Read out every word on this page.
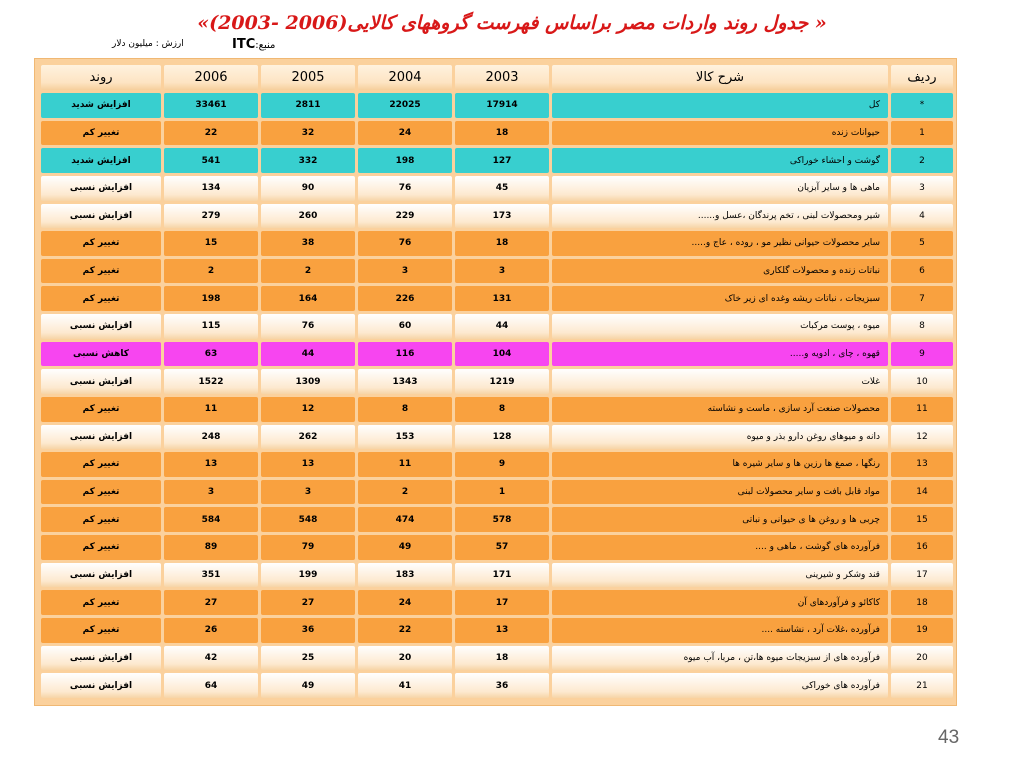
« جدول روند واردات مصر براساس فهرست گروههای کالایی(2006 -2003)»
منبع:ITC
ارزش : میلیون دلار
ردیف	شرح کالا	2003	2004	2005	2006	روند
*	کل	17914	22025	2811	33461	افزایش شدید
1	حیوانات زنده	18	24	32	22	تغییر کم
2	گوشت و احشاء خوراکی	127	198	332	541	افزایش شدید
3	ماهی ها و سایر آبزیان	45	76	90	134	افزایش نسبی
4	شیر ومحصولات لبنی ، تخم پرندگان ،عسل و......	173	229	260	279	افزایش نسبی
5	سایر محصولات حیوانی نظیر مو ، روده ، عاج و.....	18	76	38	15	تغییر کم
6	نباتات زنده و محصولات گلکاری	3	3	2	2	تغییر کم
7	سبزیجات ، نباتات ریشه وغده ای زیر خاک	131	226	164	198	تغییر کم
8	میوه ، پوست مرکبات	44	60	76	115	افزایش نسبی
9	قهوه ، چای ، ادویه و.....	104	116	44	63	کاهش نسبی
10	غلات	1219	1343	1309	1522	افزایش نسبی
11	محصولات صنعت آرد سازی ، ماست و نشاسته	8	8	12	11	تغییر کم
12	دانه و میوهای روغن دارو بذر و میوه	128	153	262	248	افزایش نسبی
13	رنگها ، صمغ ها رزین ها و سایر شیره ها	9	11	13	13	تغییر کم
14	مواد قابل بافت و سایر محصولات لبنی	1	2	3	3	تغییر کم
15	چربی ها و روغن ها ی حیوانی و نباتی	578	474	548	584	تغییر کم
16	فرآورده های گوشت ، ماهی و ....	57	49	79	89	تغییر کم
17	قند وشکر و شیرینی	171	183	199	351	افزایش نسبی
18	کاکائو و فرآوردهای آن	17	24	27	27	تغییر کم
19	فرآورده ،غلات آرد ، نشاسته ....	13	22	36	26	تغییر کم
20	فرآورده های از سبزیجات میوه ها،تن ، مربا، آب میوه	18	20	25	42	افزایش نسبی
21	فرآورده های خوراکی	36	41	49	64	افزایش نسبی
43
